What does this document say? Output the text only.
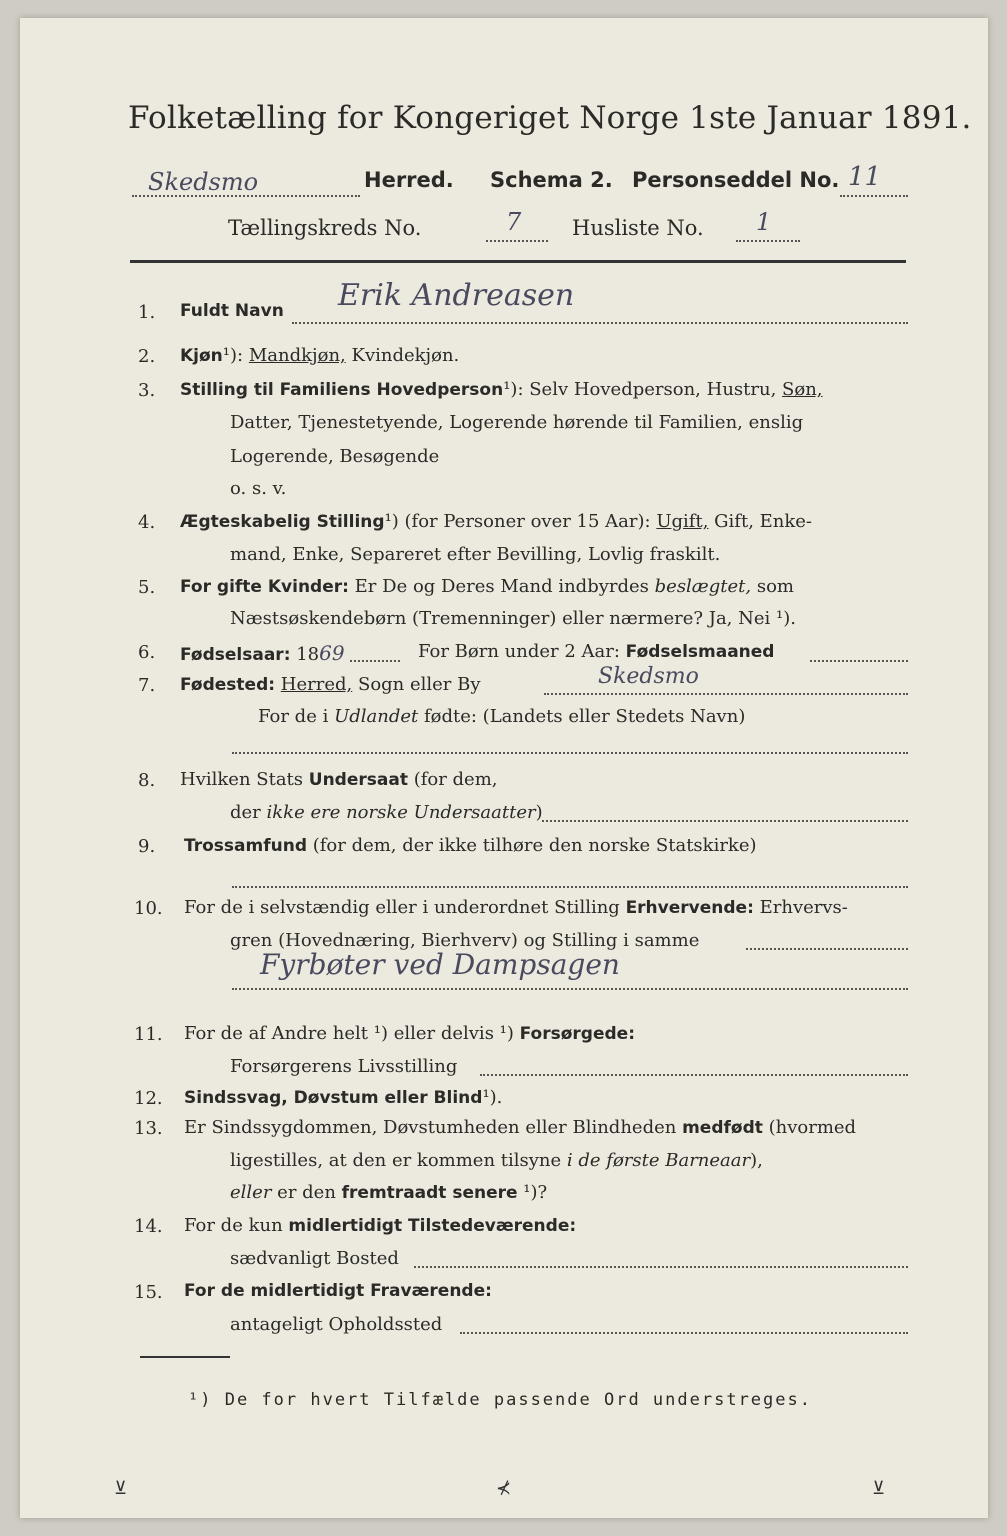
Folketælling for Kongeriget Norge 1ste Januar 1891.
Skedsmo	Herred. Schema 2. Personseddel No. 11
Tællingskreds No.	7 Husliste No. 1
1. Fuldt Navn Erik Andreasen
2. Kjøn¹): Mandkjøn, Kvindekjøn.
3. Stilling til Familiens Hovedperson¹): Selv Hovedperson, Hustru, Søn,
Datter, Tjenestetyende, Logerende hørende til Familien, enslig
Logerende, Besøgende
o. s. v.
4. Ægteskabelig Stilling¹) (for Personer over 15 Aar): Ugift, Gift, Enke-
mand, Enke, Separeret efter Bevilling, Lovlig fraskilt.
5. For gifte Kvinder: Er De og Deres Mand indbyrdes beslægtet, som
Næstsøskendebørn (Tremenninger) eller nærmere? Ja, Nei ¹).
6. Fødselsaar: 1869	For Børn under 2 Aar: Fødselsmaaned
7. Fødested: Herred, Sogn eller By	Skedsmo
For de i Udlandet fødte: (Landets eller Stedets Navn)
8. Hvilken Stats Undersaat (for dem,
der ikke ere norske Undersaatter)
9. Trossamfund (for dem, der ikke tilhøre den norske Statskirke)
10. For de i selvstændig eller i underordnet Stilling Erhvervende: Erhvervs-
gren (Hovednæring, Bierhverv) og Stilling i samme
Fyrbøter ved Dampsagen
11. For de af Andre helt ¹) eller delvis ¹) Forsørgede:
Forsørgerens Livsstilling
12. Sindssvag, Døvstum eller Blind¹).
13. Er Sindssygdommen, Døvstumheden eller Blindheden medfødt (hvormed
ligestilles, at den er kommen tilsyne i de første Barneaar),
eller er den fremtraadt senere ¹)?
14. For de kun midlertidigt Tilstedeværende:
sædvanligt Bosted
15. For de midlertidigt Fraværende:
antageligt Opholdssted
¹) De for hvert Tilfælde passende Ord understreges.
⊻	⊀	⊻
